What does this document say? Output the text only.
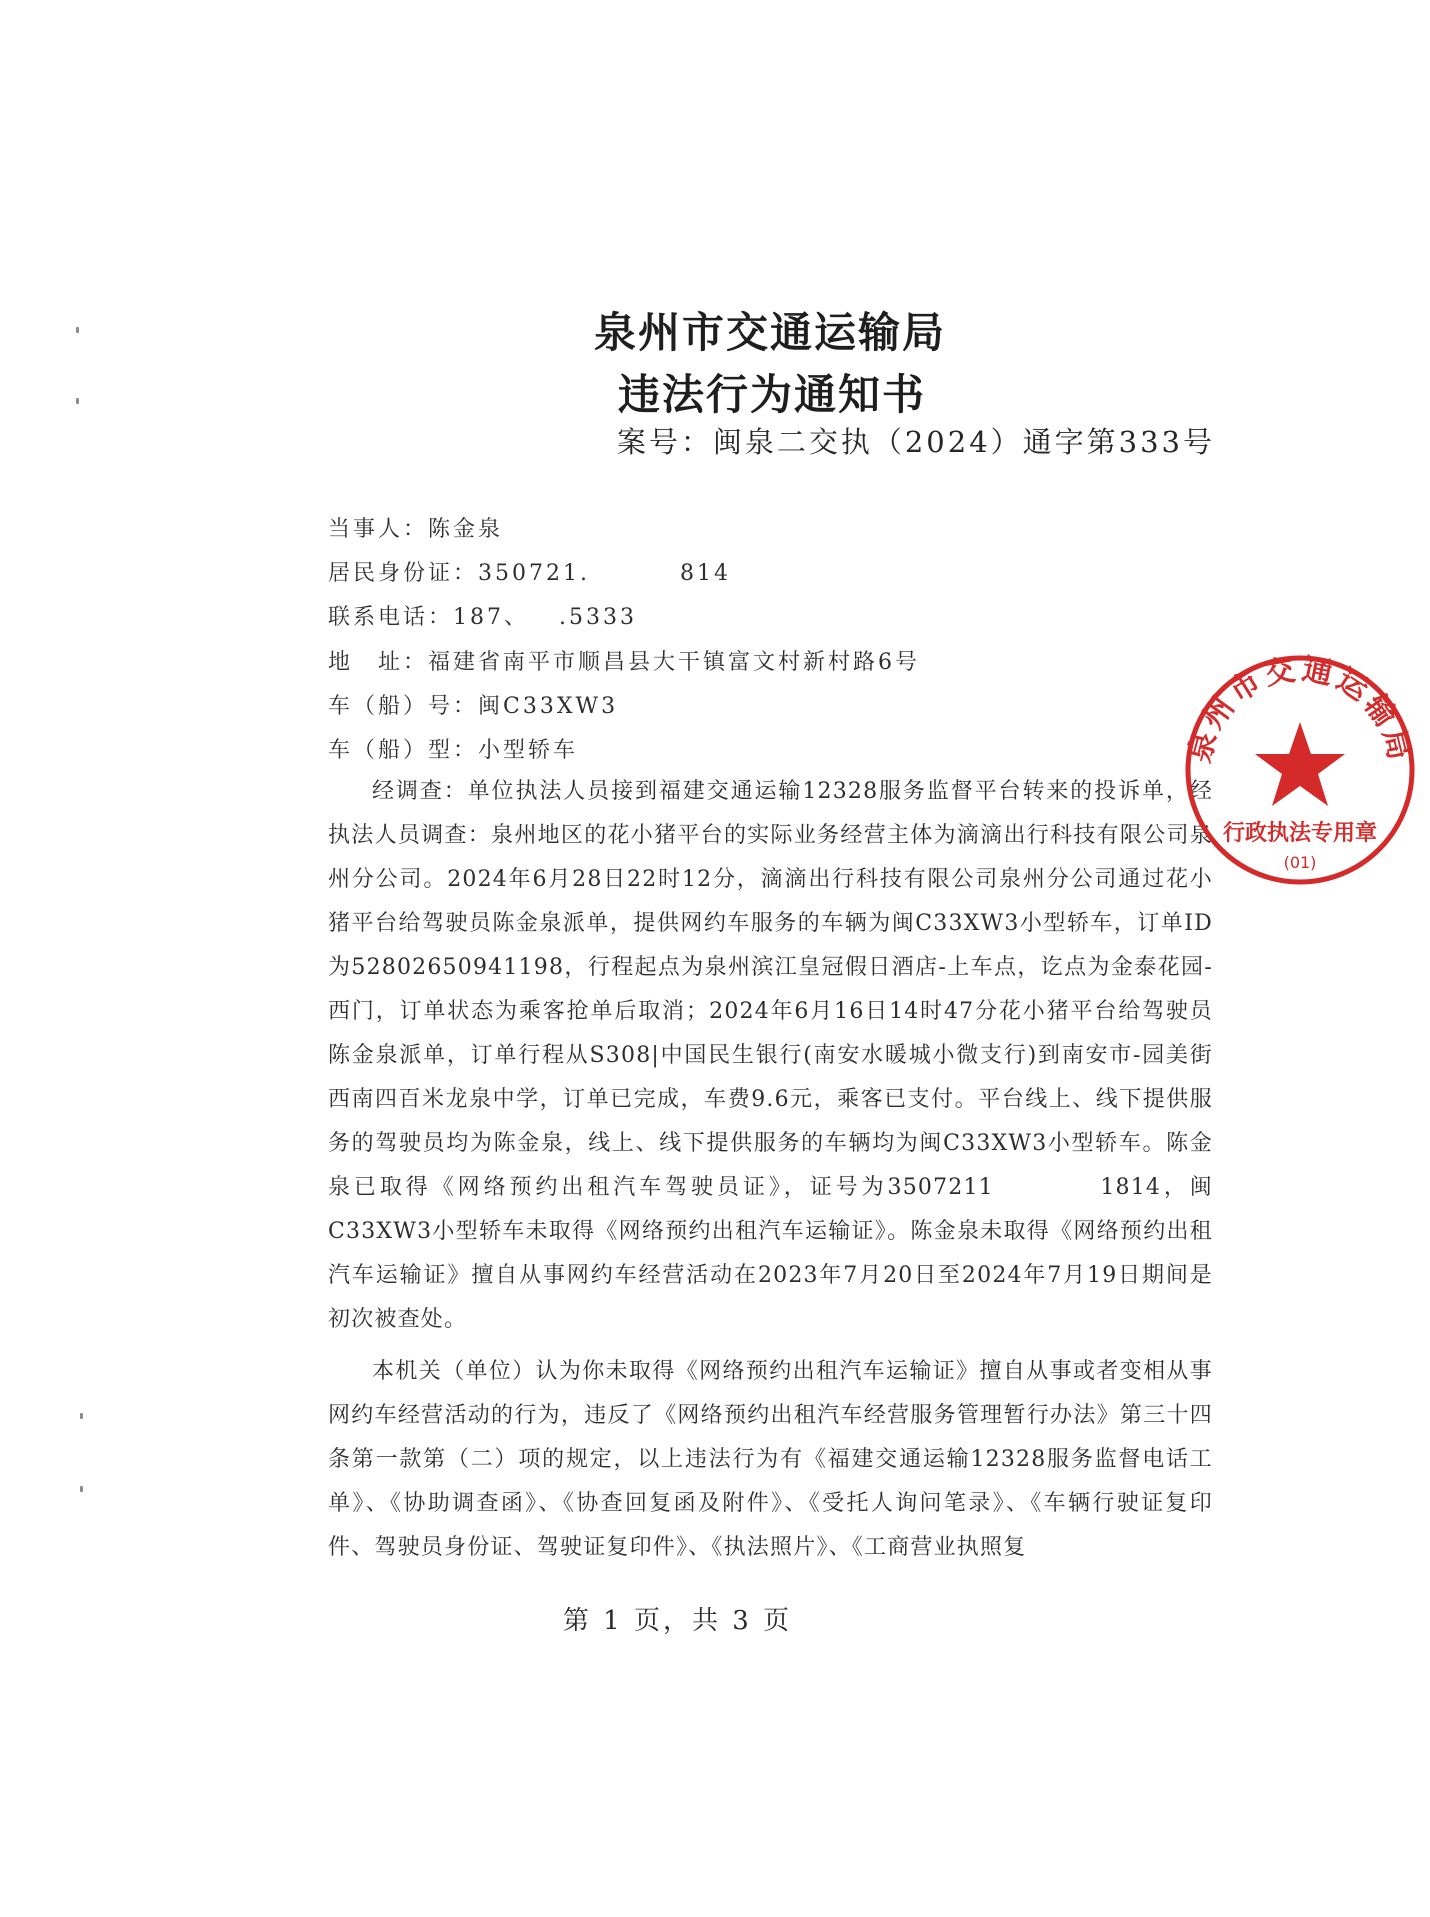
泉州市交通运输局
违法行为通知书
案号：闽泉二交执（2024）通字第333号
当事人：陈金泉
居民身份证：350721.	814
联系电话：187、 .5333
地　址：福建省南平市顺昌县大干镇富文村新村路6号
车（船）号：闽C33XW3
车（船）型：小型轿车

经调查：单位执法人员接到福建交通运输12328服务监督平台转来的投诉单，经执法人员调查：泉州地区的花小猪平台的实际业务经营主体为滴滴出行科技有限公司泉州分公司。2024年6月28日22时12分，滴滴出行科技有限公司泉州分公司通过花小猪平台给驾驶员陈金泉派单，提供网约车服务的车辆为闽C33XW3小型轿车，订单ID为52802650941198，行程起点为泉州滨江皇冠假日酒店-上车点，讫点为金泰花园-西门，订单状态为乘客抢单后取消；2024年6月16日14时47分花小猪平台给驾驶员陈金泉派单，订单行程从S308|中国民生银行(南安水暖城小微支行)到南安市-园美街西南四百米龙泉中学，订单已完成，车费9.6元，乘客已支付。平台线上、线下提供服务的驾驶员均为陈金泉，线上、线下提供服务的车辆均为闽C33XW3小型轿车。陈金泉已取得《网络预约出租汽车驾驶员证》，证号为3507211　　　　1814，闽C33XW3小型轿车未取得《网络预约出租汽车运输证》。陈金泉未取得《网络预约出租汽车运输证》擅自从事网约车经营活动在2023年7月20日至2024年7月19日期间是初次被查处。

本机关（单位）认为你未取得《网络预约出租汽车运输证》擅自从事或者变相从事网约车经营活动的行为，违反了《网络预约出租汽车经营服务管理暂行办法》第三十四条第一款第（二）项的规定，以上违法行为有《福建交通运输12328服务监督电话工单》、《协助调查函》、《协查回复函及附件》、《受托人询问笔录》、《车辆行驶证复印件、驾驶员身份证、驾驶证复印件》、《执法照片》、《工商营业执照复

第 1 页，共 3 页
泉州市交通运输局
行政执法专用章
(01)
